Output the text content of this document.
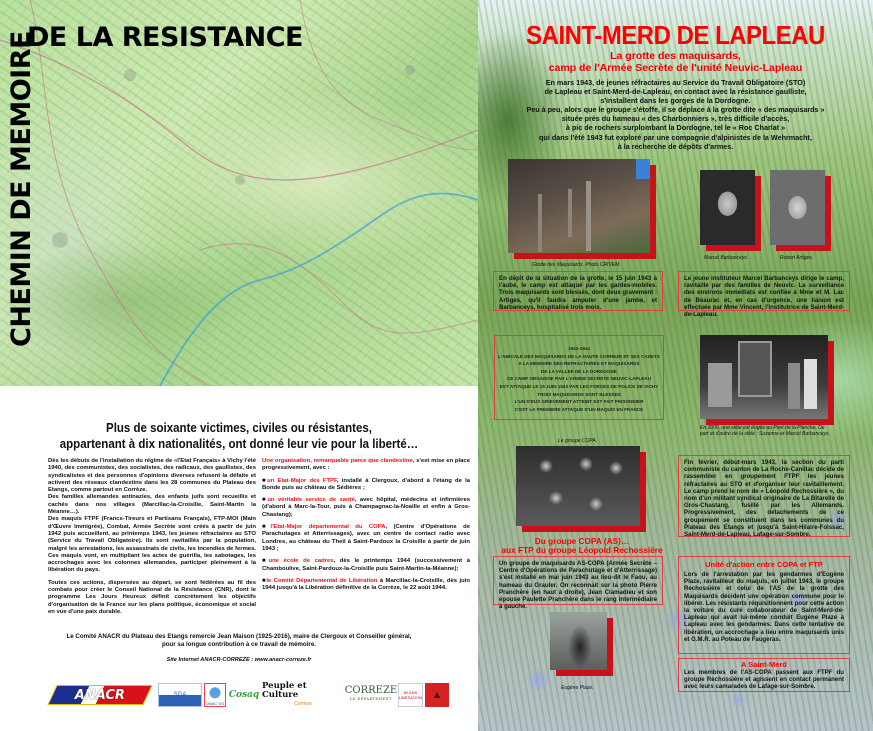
DE LA RESISTANCE
CHEMIN DE MEMOIRE
Plus de soixante victimes, civiles ou résistantes,
appartenant à dix nationalités, ont donné leur vie pour la liberté…

Dès les débuts de l'installation du régime de «l'Etat Français» à Vichy l'été 1940, des communistes, des socialistes, des radicaux, des gaullistes, des syndicalistes et des personnes d'opinions diverses refusent la défaite et activent des réseaux clandestins dans les 28 communes du Plateau des Etangs, comme partout en Corrèze.

Des familles allemandes antinazies, des enfants juifs sont recueillis et cachés dans nos villages (Marcillac-la-Croisille, Saint-Martin la Méanne…).

Des maquis FTPF (Francs-Tireurs et Partisans Français), FTP-MOI (Main d'Œuvre Immigrée), Combat, Armée Secrète sont créés à partir de juin 1942 puis accueillent, au printemps 1943, les jeunes réfractaires au STO (Service du Travail Obligatoire). Ils sont ravitaillés par la population, malgré les arrestations, les assassinats de civils, les incendies de fermes. Ces maquis vont, en multipliant les actes de guérilla, les sabotages, les accrochages avec les colonnes allemandes, participer pleinement à la libération du pays.

Toutes ces actions, dispersées au départ, se sont fédérées au fil des combats pour créer le Conseil National de la Résistance (CNR), dont le programme Les Jours Heureux définit concrètement les objectifs d'organisation de la France sur les plans politique, économique et social en vue d'une paix durable.

Une organisation, remarquable parce que clandestine, s'est mise en place progressivement, avec :

■un Etat-Major des FTPF, installé à Clergoux, d'abord à l'étang de la Bonde puis au château de Sédières ;

■un véritable service de santé, avec hôpital, médecins et infirmières (d'abord à Marc-la-Tour, puis à Champagnac-la-Noaille et enfin à Gros-Chastang);

■l'Etat-Major départemental du COPA, (Centre d'Opérations de Parachutages et Atterrissages), avec un centre de contact radio avec Londres, au château du Theil à Saint-Pardoux la Croisille à partir de juin 1943 ;

■une école de cadres, dès le printemps 1944 (successivement à Chamboulive, Saint-Pardoux-la-Croisille puis Saint-Martin-la-Méanne);

■le Comité Départemental de Libération à Marcillac-la-Croisille, dès juin 1944 jusqu'à la Libération définitive de la Corrèze, le 22 août 1944.

Le Comité ANACR du Plateau des Etangs remercie Jean Maison (1925-2016), maire de Clergoux et Conseiller général,
pour sa longue contribution à ce travail de mémoire.
Site Internet ANACR-CORREZE : www.anacr-correze.fr
ANACR	SGA
ONAC VG
Cosaq
Peuple et Culture
Corrèze
CORREZE
LE DÉPARTEMENT
80 ANS LIBÉRATION ▲
SAINT-MERD DE LAPLEAU
La grotte des maquisards,
camp de l'Armée Secrète de l'unité Neuvic-Lapleau
En mars 1943, de jeunes réfractaires au Service du Travail Obligatoire (STO)
de Lapleau et Saint-Merd-de-Lapleau, en contact avec la résistance gaulliste,
s'installent dans les gorges de la Dordogne.
Peu à peu, alors que le groupe s'étoffe, il se déplace à la grotte dite « des maquisards »
située près du hameau « des Charbonniers », très difficile d'accès,
à pic de rochers surplombant la Dordogne, tel le « Roc Charlat »
qui dans l'été 1943 fut exploré par une compagnie d'alpinistes de la Wehrmacht,
à la recherche de dépôts d'armes.
Grotte des Maquisards. Photo CRIVEM.
Marcel Barbanceys.	Robert Artiges.
En dépit de la situation de la grotte, le 15 juin 1943 à l'aube, le camp est attaqué par les gardes-mobiles. Trois maquisards sont blessés, dont deux gravement : Artiges, qu'il faudra amputer d'une jambe, et Barbanceys, hospitalisé trois mois.
Le jeune instituteur Marcel Barbanceys dirige le camp, ravitaillé par des familles de Neuvic. La surveillance des environs immédiats est confiée à Mme et M. Lac de Beaurac et, en cas d'urgence, une liaison est effectuée par Mme Vincent, l'institutrice de Saint-Merd-de-Lapleau.
1943-1944
L'AMICALE DES MAQUISARDS DE LA HAUTE CORREZE ET SES CADETS
A LA MEMOIRE DES REFRACTAIRES ET MAQUISARDS
DE LA VALLEE DE LA DORDOGNE
CE CAMP ORGANISE PAR L'ARMEE SECRETE NEUVIC-LAPLEAU
EST ATTAQUE LE 15 JUIN 1943 PAR LES FORCES DE POLICE DE VICHY
TROIS MAQUISARDS SONT BLESSES
L'UN D'EUX GRIEVEMENT ATTEINT EST FAIT PRISONNIER
C'EST LA PREMIERE ATTAQUE D'UN MAQUIS EN FRANCE
En 2000, une stèle est érigée au Pont de la Planche. De part et d'autre de la stèle : Suzanne et Marcel Barbanceys.
Le groupe COPA.
Fin février, début-mars 1943, la section du parti communiste du canton de La Roche-Canillac décide de rassembler en groupement FTPF les jeunes réfractaires au STO et d'organiser leur ravitaillement. Le camp prend le nom de « Léopold Rechossière », du nom d'un militant syndical originaire de La Bitarelle de Gros-Chastang, fusillé par les Allemands. Progressivement, des détachements de ce groupement se constituent dans les communes du Plateau des Étangs et jusqu'à Saint-Hilaire-Foissac, Saint-Merd-de-Lapleau, Lafage-sur-Sombre.
Du groupe COPA (AS)…
aux FTP du groupe Léopold Rechossière
Un groupe de maquisards AS-COPA (Armée Secrète – Centre d'Opérations de Parachutage et d'Atterrissage) s'est installé en mai juin 1943 au lieu-dit le Faou, au hameau du Grauler. On reconnait sur la photo Pierre Pranchère (en haut à droite), Jean Clamadieu et son épouse Paulette Pranchère dans le rang intermédiaire à gauche.
Unité d'action entre COPA et FTP
Lors de l'arrestation par les gendarmes d'Eugène Plaze, ravitailleur du maquis, en juillet 1943, le groupe Rechossière et celui de l'AS de la grotte des Maquisards décident une opération commune pour le libérer. Les résistants réquisitionnent pour cette action la voiture du curé collaborateur de Saint-Merd-de-Lapleau qui avait lui-même conduit Eugène Plaze à Lapleau avec les gendarmes. Dans cette tentative de libération, un accrochage a lieu entre maquisards unis et G.M.R. au Poteau de Faugeras.
Eugène Plaze.
A Saint-Merd
Les membres de l'AS-COPA passent aux FTPF du groupe Rechossière et agissent en contact permanent avec leurs camarades de Lafage-sur-Sombre.
